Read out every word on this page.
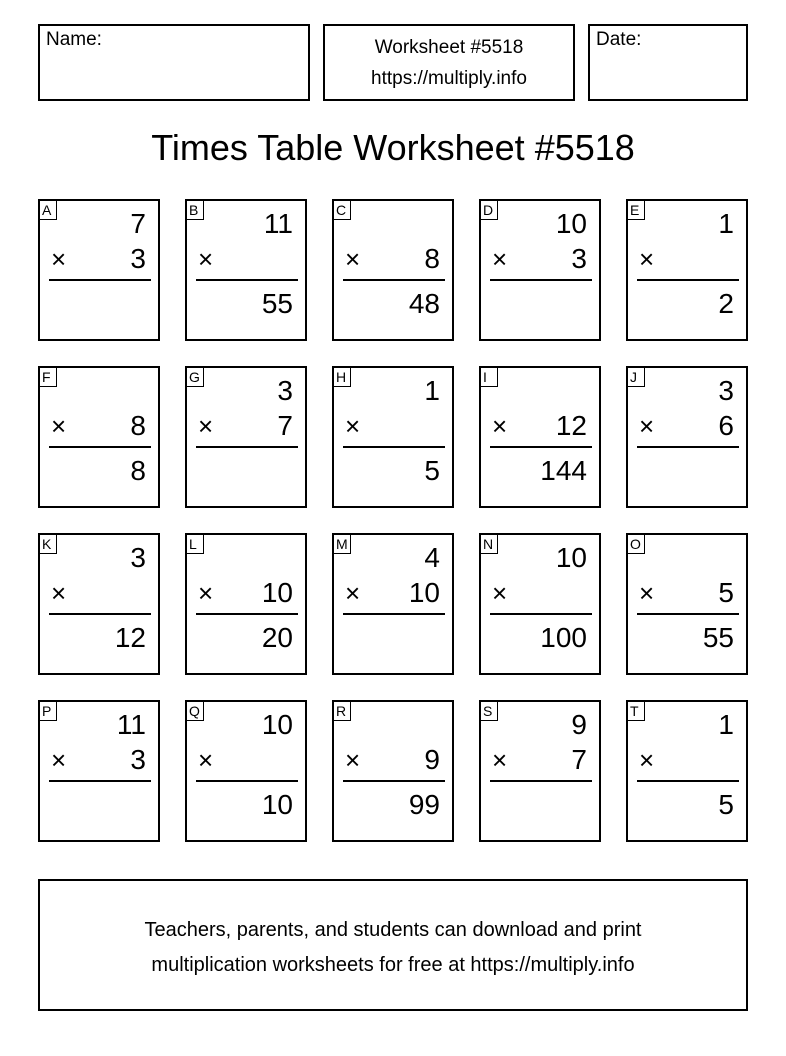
Name:	Worksheet #5518
https://multiply.info
Date:
Times Table Worksheet #5518
A	7
× 3
B 11
×
55
C
× 8
48
D 10
× 3
E	1
×
2
F
× 8
8
G	3
× 7
H	1
×
5
I
× 12
144
J	3
× 6
K	3
×
12
L
× 10
20
M	4
× 10
N 10
×
100
O
× 5
55
P 11
× 3
Q 10
×
10
R
× 9
99
S	9
× 7
T	1
×
5
Teachers, parents, and students can download and print
multiplication worksheets for free at https://multiply.info
